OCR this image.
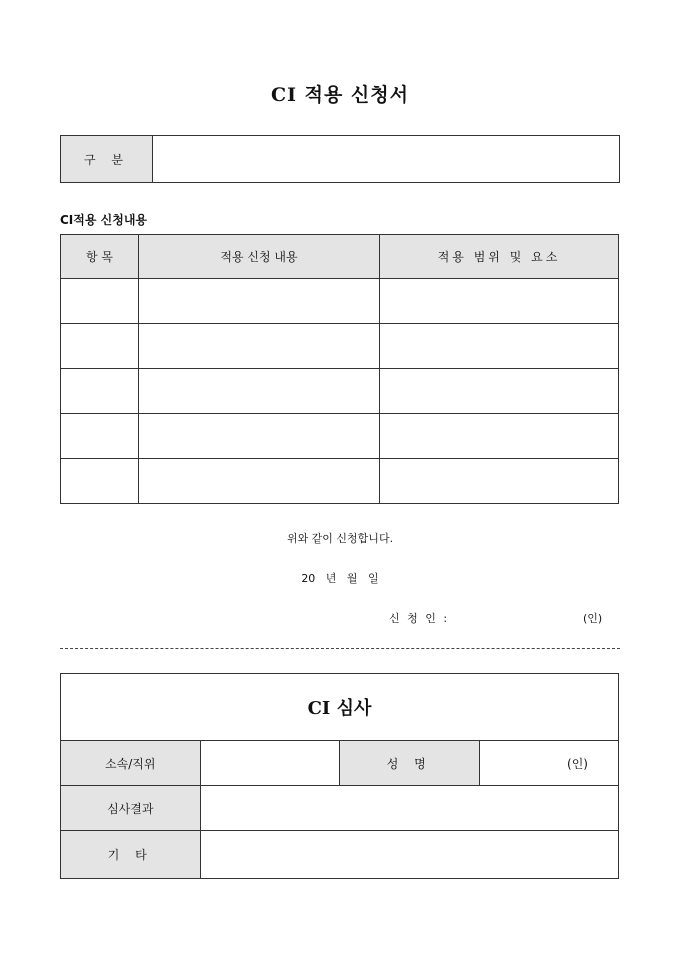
CI 적용 신청서
구 분	
CI적용 신청내용
항 목	적용 신청 내용	적용 범위 및 요소

위와 같이 신청합니다.
20   년   월   일
신 청 인 :	(인)
CI 심사			
소속/직위		성 명	(인)
심사결과			
기 타			
